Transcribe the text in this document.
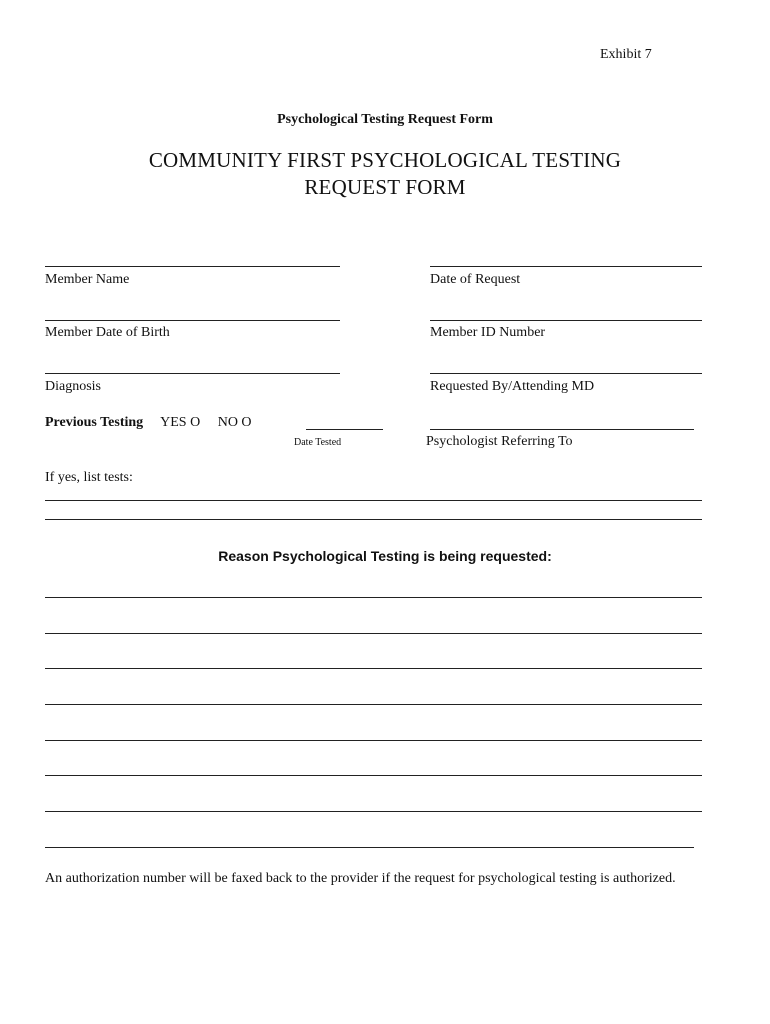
Exhibit 7
Psychological Testing Request Form
COMMUNITY FIRST PSYCHOLOGICAL TESTING
REQUEST FORM
Member Name	Date of Request
Member Date of Birth	Member ID Number
Diagnosis	Requested By/Attending MD
Previous Testing YES O NO O
Date Tested	Psychologist Referring To
If yes, list tests:
Reason Psychological Testing is being requested:
An authorization number will be faxed back to the provider if the request for psychological testing is authorized.
